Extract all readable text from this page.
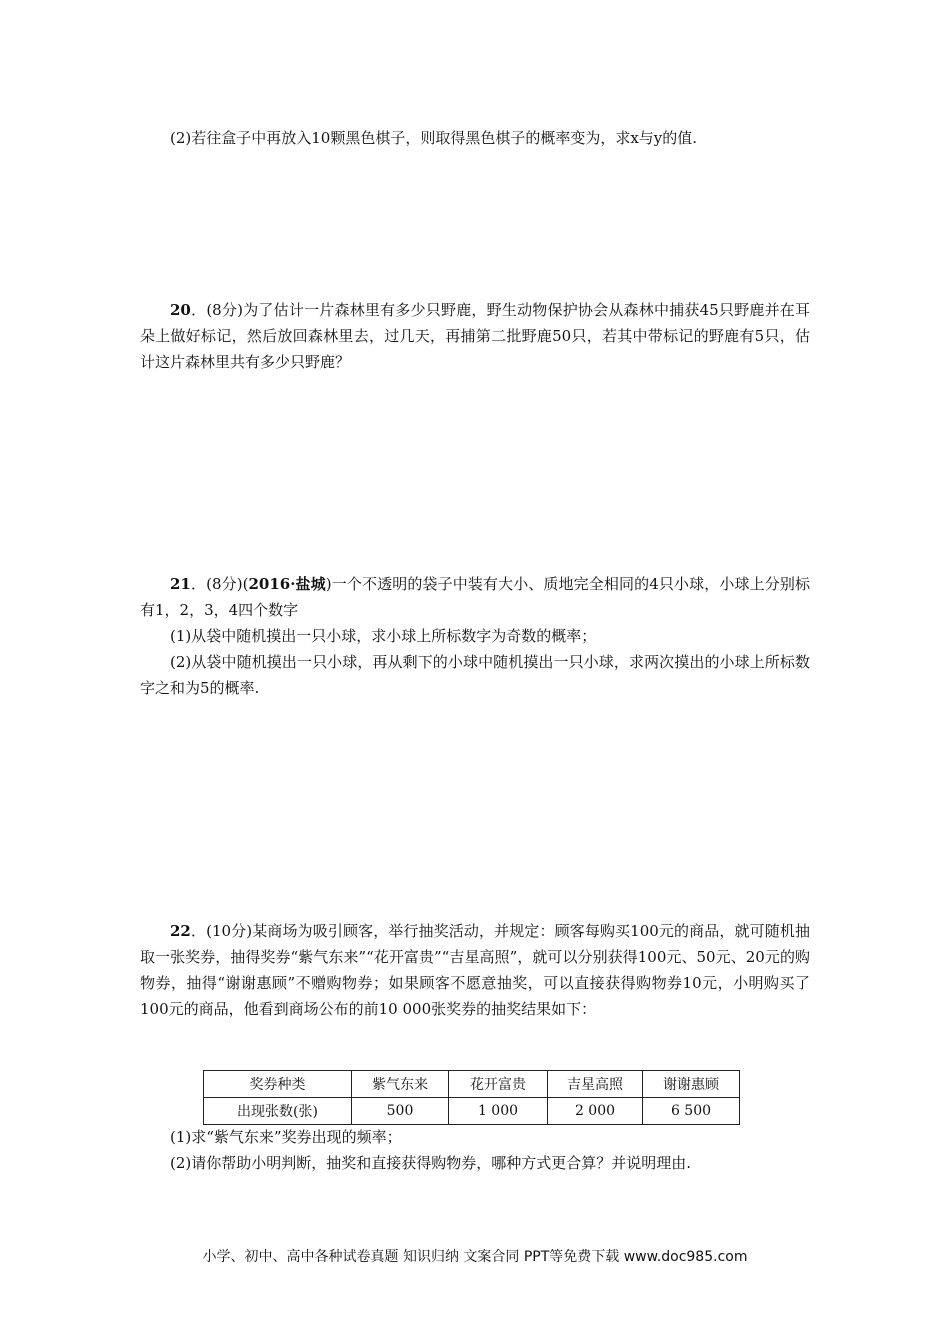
(2)若往盒子中再放入10颗黑色棋子，则取得黑色棋子的概率变为，求x与y的值.

20．(8分)为了估计一片森林里有多少只野鹿，野生动物保护协会从森林中捕获45只野鹿并在耳朵上做好标记，然后放回森林里去，过几天，再捕第二批野鹿50只，若其中带标记的野鹿有5只，估计这片森林里共有多少只野鹿？

21．(8分)(2016·盐城)一个不透明的袋子中装有大小、质地完全相同的4只小球，小球上分别标有1，2，3，4四个数字

(1)从袋中随机摸出一只小球，求小球上所标数字为奇数的概率；

(2)从袋中随机摸出一只小球，再从剩下的小球中随机摸出一只小球，求两次摸出的小球上所标数字之和为5的概率.

22．(10分)某商场为吸引顾客，举行抽奖活动，并规定：顾客每购买100元的商品，就可随机抽取一张奖券，抽得奖券“紫气东来”“花开富贵”“吉星高照”，就可以分别获得100元、50元、20元的购物券，抽得“谢谢惠顾”不赠购物券；如果顾客不愿意抽奖，可以直接获得购物券10元，小明购买了100元的商品，他看到商场公布的前10 000张奖券的抽奖结果如下：

奖券种类	紫气东来	花开富贵	吉星高照	谢谢惠顾
出现张数(张)	500	1 000	2 000	6 500

(1)求“紫气东来”奖券出现的频率；

(2)请你帮助小明判断，抽奖和直接获得购物券，哪种方式更合算？并说明理由.

小学、初中、高中各种试卷真题 知识归纳 文案合同 PPT等免费下载 www.doc985.com
